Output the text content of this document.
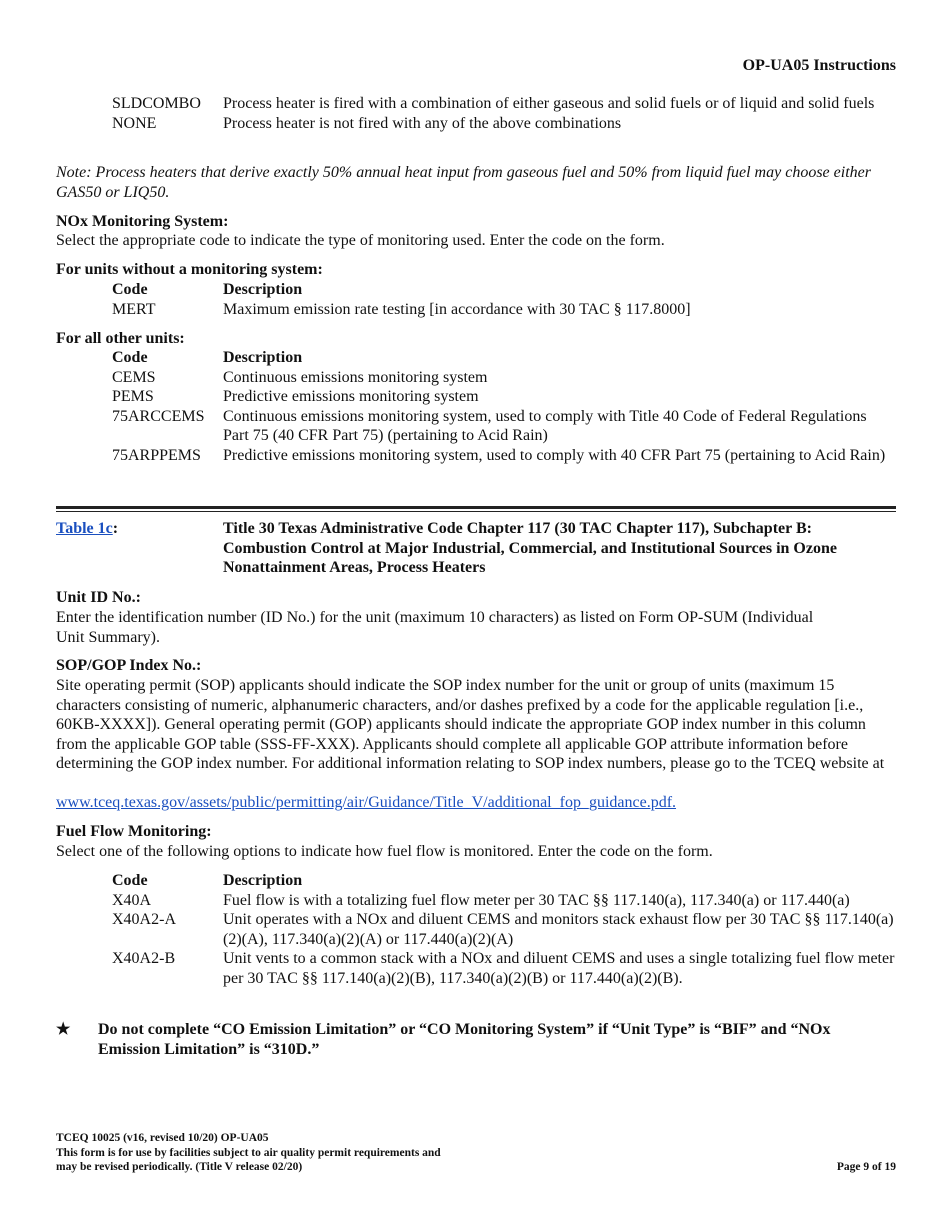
OP-UA05 Instructions
SLDCOMBO	Process heater is fired with a combination of either gaseous and solid fuels or of liquid and solid fuels
NONE	Process heater is not fired with any of the above combinations
Note: Process heaters that derive exactly 50% annual heat input from gaseous fuel and 50% from liquid fuel may choose either GAS50 or LIQ50.
NOx Monitoring System:
Select the appropriate code to indicate the type of monitoring used. Enter the code on the form.
For units without a monitoring system:
Code	Description
MERT	Maximum emission rate testing [in accordance with 30 TAC § 117.8000]
For all other units:
Code	Description
CEMS	Continuous emissions monitoring system
PEMS	Predictive emissions monitoring system
75ARCCEMS	Continuous emissions monitoring system, used to comply with Title 40 Code of Federal Regulations Part 75 (40 CFR Part 75) (pertaining to Acid Rain)
75ARPPEMS	Predictive emissions monitoring system, used to comply with 40 CFR Part 75 (pertaining to Acid Rain)
Table 1c:	Title 30 Texas Administrative Code Chapter 117 (30 TAC Chapter 117), Subchapter B: Combustion Control at Major Industrial, Commercial, and Institutional Sources in Ozone Nonattainment Areas, Process Heaters
Unit ID No.:
Enter the identification number (ID No.) for the unit (maximum 10 characters) as listed on Form OP-SUM (Individual Unit Summary).
SOP/GOP Index No.:
Site operating permit (SOP) applicants should indicate the SOP index number for the unit or group of units (maximum 15 characters consisting of numeric, alphanumeric characters, and/or dashes prefixed by a code for the applicable regulation [i.e., 60KB-XXXX]). General operating permit (GOP) applicants should indicate the appropriate GOP index number in this column from the applicable GOP table (SSS-FF-XXX). Applicants should complete all applicable GOP attribute information before determining the GOP index number. For additional information relating to SOP index numbers, please go to the TCEQ website at
www.tceq.texas.gov/assets/public/permitting/air/Guidance/Title_V/additional_fop_guidance.pdf.
Fuel Flow Monitoring:
Select one of the following options to indicate how fuel flow is monitored. Enter the code on the form.
Code	Description
X40A	Fuel flow is with a totalizing fuel flow meter per 30 TAC §§ 117.140(a), 117.340(a) or 117.440(a)
X40A2-A	Unit operates with a NOx and diluent CEMS and monitors stack exhaust flow per 30 TAC §§ 117.140(a)(2)(A), 117.340(a)(2)(A) or 117.440(a)(2)(A)
X40A2-B	Unit vents to a common stack with a NOx and diluent CEMS and uses a single totalizing fuel flow meter per 30 TAC §§ 117.140(a)(2)(B), 117.340(a)(2)(B) or 117.440(a)(2)(B).
★	Do not complete “CO Emission Limitation” or “CO Monitoring System” if “Unit Type” is “BIF” and “NOx Emission Limitation” is “310D.”
TCEQ 10025 (v16, revised 10/20) OP-UA05
This form is for use by facilities subject to air quality permit requirements and
may be revised periodically. (Title V release 02/20)	Page 9 of 19
